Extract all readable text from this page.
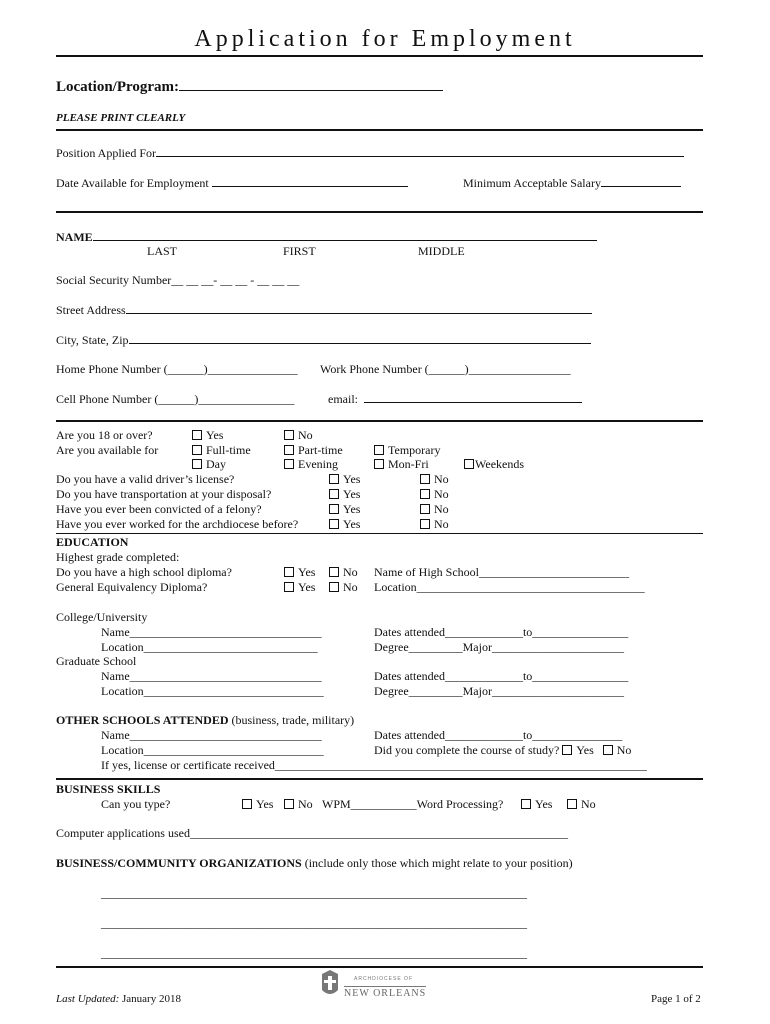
Application for Employment
Location/Program:
PLEASE PRINT CLEARLY
Position Applied For
Date Available for Employment	Minimum Acceptable Salary
NAME
LAST	FIRST	MIDDLE
Social Security Number__ __ __- __ __ - __ __ __
Street Address
City, State, Zip
Home Phone Number (______)_______________ Work Phone Number (______)_________________
Cell Phone Number (______)________________	email:
Are you 18 or over?	Yes	No
Are you available for	Full-time	Part-time	Temporary
Day	Evening	Mon-Fri	Weekends
Do you have a valid driver’s license?	Yes	No
Do you have transportation at your disposal?	Yes	No
Have you ever been convicted of a felony?	Yes	No
Have you ever worked for the archdiocese before?	Yes	No
EDUCATION
Highest grade completed:
Do you have a high school diploma?	Yes	No Name of High School_________________________
General Equivalency Diploma?	Yes	No Location______________________________________
College/University
Name________________________________	Dates attended_____________to________________
Location_____________________________	Degree_________Major______________________
Graduate School
Name________________________________	Dates attended_____________to________________
Location______________________________	Degree_________Major______________________
OTHER SCHOOLS ATTENDED (business, trade, military)
Name________________________________	Dates attended_____________to_______________
Location______________________________	Did you complete the course of study? Yes No
If yes, license or certificate received______________________________________________________________
BUSINESS SKILLS
Can you type?	Yes	No WPM___________Word Processing?	Yes	No
Computer applications used_______________________________________________________________
BUSINESS/COMMUNITY ORGANIZATIONS (include only those which might relate to your position)
_______________________________________________________________________
_______________________________________________________________________
_______________________________________________________________________
Last Updated: January 2018
ARCHDIOCESE OF
NEW ORLEANS	Page 1 of 2
